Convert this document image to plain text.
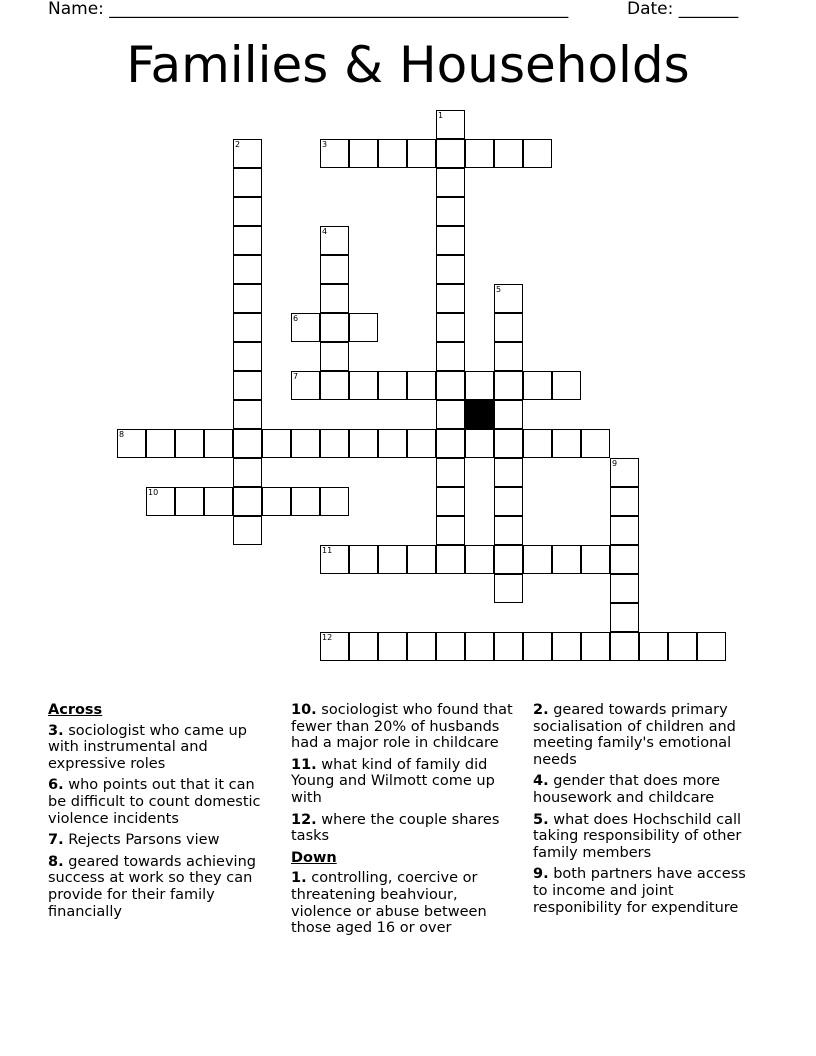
Name: ______________________________________________________	Date: _______
Families & Households
3
6
7
8
10
11
12
1
2
4
5
9
Across
3. sociologist who came up with instrumental and expressive roles
6. who points out that it can be difficult to count domestic violence incidents
7. Rejects Parsons view
8. geared towards achieving success at work so they can provide for their family financially
10. sociologist who found that fewer than 20% of husbands had a major role in childcare
11. what kind of family did Young and Wilmott come up with
12. where the couple shares tasks
Down
1. controlling, coercive or threatening beahviour, violence or abuse between those aged 16 or over
2. geared towards primary socialisation of children and meeting family's emotional needs
4. gender that does more housework and childcare
5. what does Hochschild call taking responsibility of other family members
9. both partners have access to income and joint responibility for expenditure
